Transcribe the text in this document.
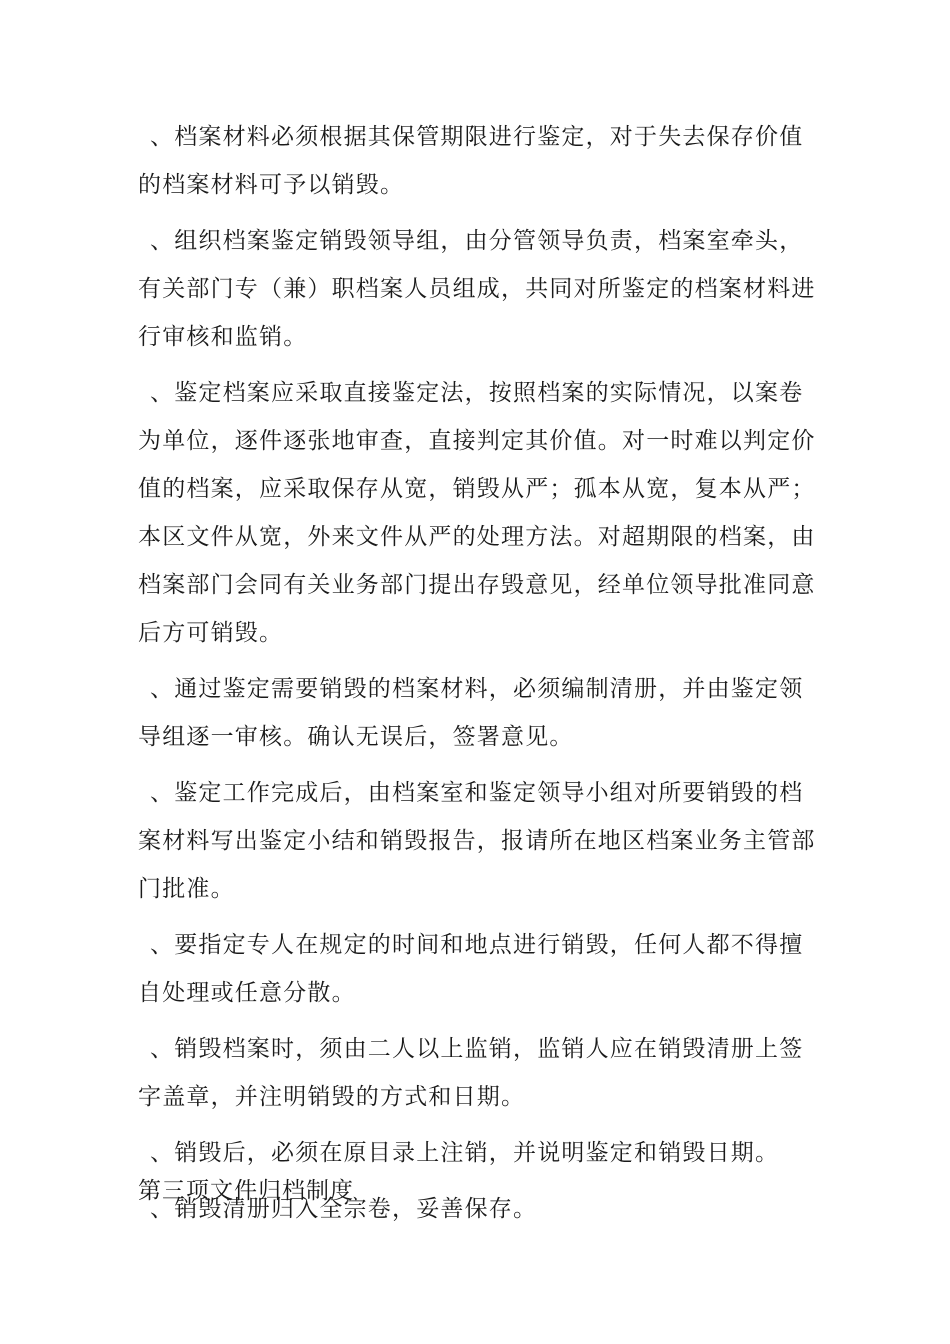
、档案材料必须根据其保管期限进行鉴定，对于失去保存价值的档案材料可予以销毁。

、组织档案鉴定销毁领导组，由分管领导负责，档案室牵头，有关部门专（兼）职档案人员组成，共同对所鉴定的档案材料进行审核和监销。

、鉴定档案应采取直接鉴定法，按照档案的实际情况，以案卷为单位，逐件逐张地审查，直接判定其价值。对一时难以判定价值的档案，应采取保存从宽，销毁从严；孤本从宽，复本从严；本区文件从宽，外来文件从严的处理方法。对超期限的档案，由档案部门会同有关业务部门提出存毁意见，经单位领导批准同意后方可销毁。

、通过鉴定需要销毁的档案材料，必须编制清册，并由鉴定领导组逐一审核。确认无误后，签署意见。

、鉴定工作完成后，由档案室和鉴定领导小组对所要销毁的档案材料写出鉴定小结和销毁报告，报请所在地区档案业务主管部门批准。

、要指定专人在规定的时间和地点进行销毁，任何人都不得擅自处理或任意分散。

、销毁档案时，须由二人以上监销，监销人应在销毁清册上签字盖章，并注明销毁的方式和日期。

、销毁后，必须在原目录上注销，并说明鉴定和销毁日期。

、销毁清册归入全宗卷，妥善保存。

第三项文件归档制度
